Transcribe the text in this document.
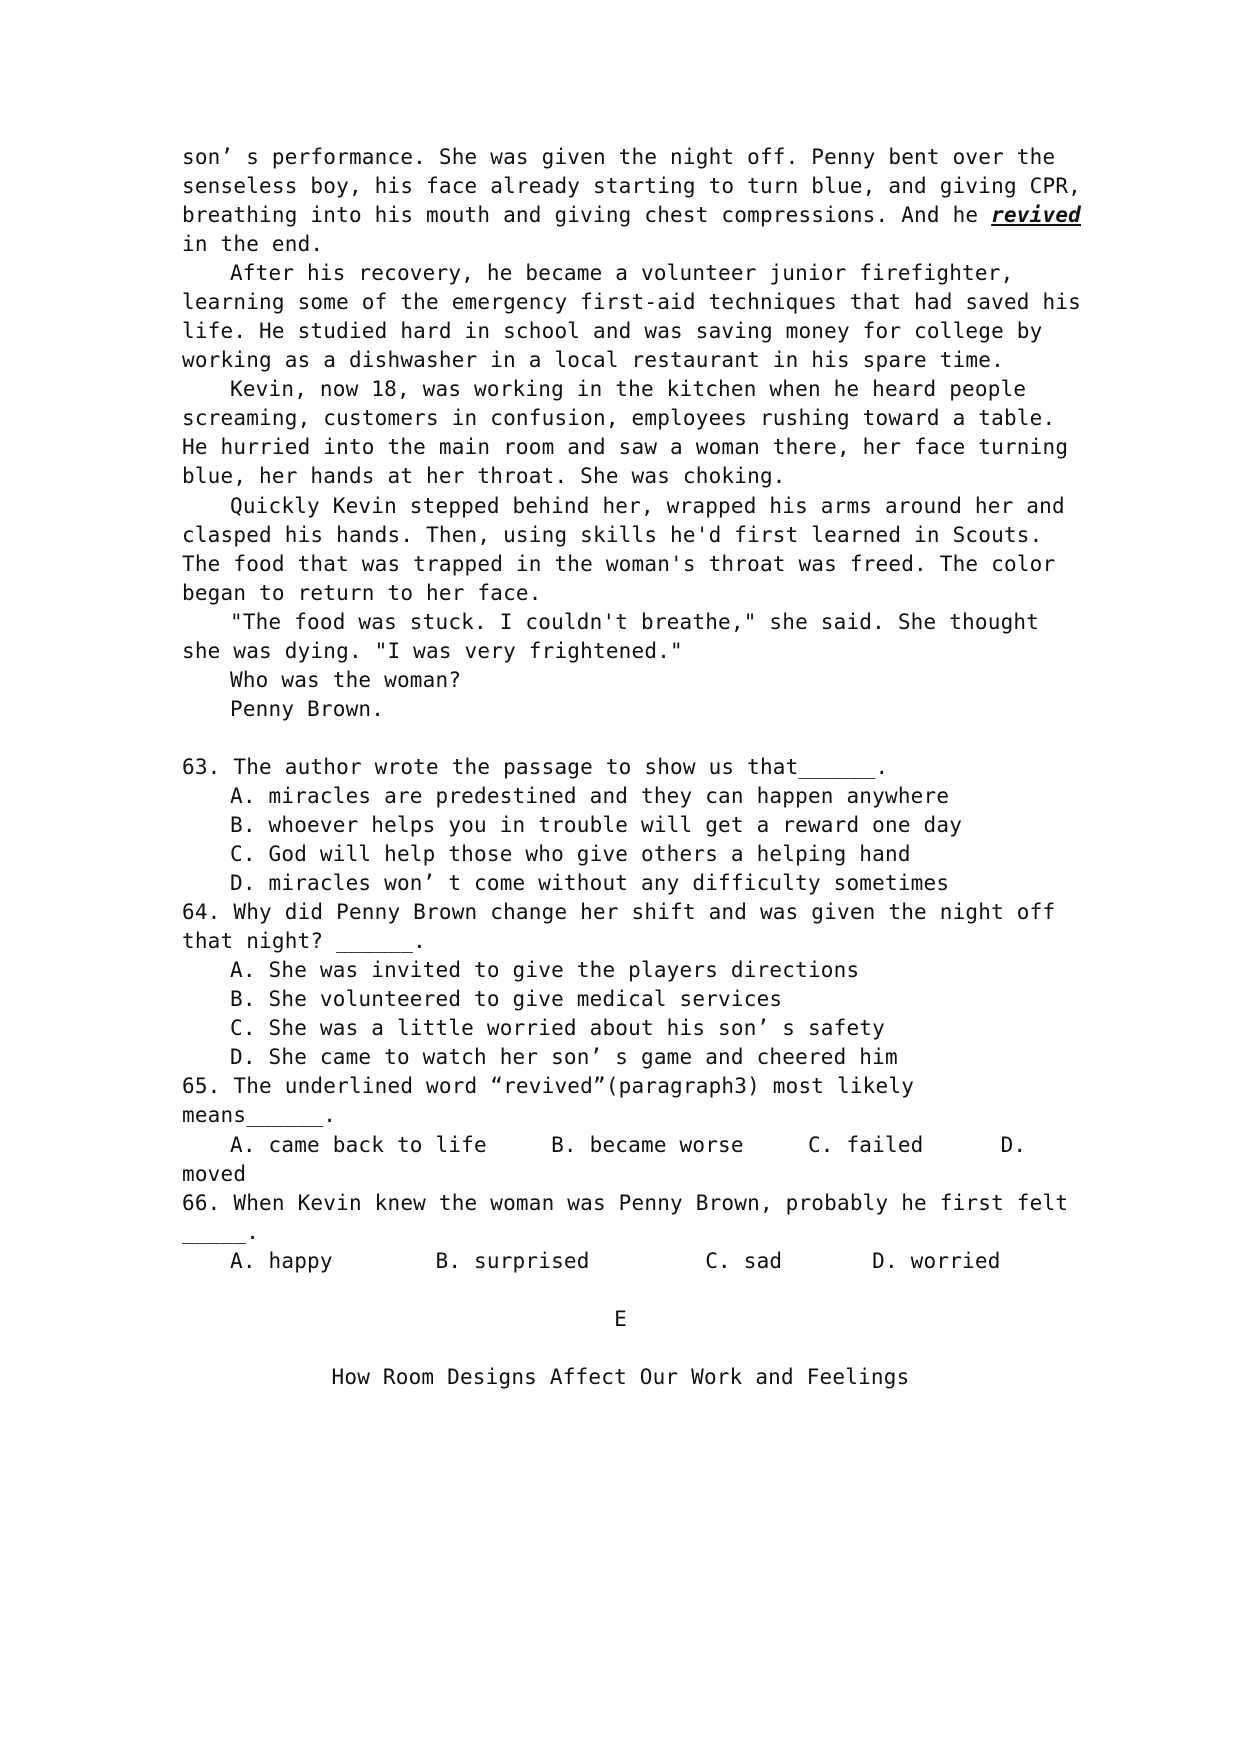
son’ s performance. She was given the night off. Penny bent over the
senseless boy, his face already starting to turn blue, and giving CPR,
breathing into his mouth and giving chest compressions. And he revived
in the end.
After his recovery, he became a volunteer junior firefighter,
learning some of the emergency first-aid techniques that had saved his
life. He studied hard in school and was saving money for college by
working as a dishwasher in a local restaurant in his spare time.
Kevin, now 18, was working in the kitchen when he heard people
screaming, customers in confusion, employees rushing toward a table.
He hurried into the main room and saw a woman there, her face turning
blue, her hands at her throat. She was choking.
Quickly Kevin stepped behind her, wrapped his arms around her and
clasped his hands. Then, using skills he'd first learned in Scouts.
The food that was trapped in the woman's throat was freed. The color
began to return to her face.
"The food was stuck. I couldn't breathe," she said. She thought
she was dying. "I was very frightened."
Who was the woman?
Penny Brown.
63. The author wrote the passage to show us that______.
A. miracles are predestined and they can happen anywhere
B. whoever helps you in trouble will get a reward one day
C. God will help those who give others a helping hand
D. miracles won’ t come without any difficulty sometimes
64. Why did Penny Brown change her shift and was given the night off
that night? ______.
A. She was invited to give the players directions
B. She volunteered to give medical services
C. She was a little worried about his son’ s safety
D. She came to watch her son’ s game and cheered him
65. The underlined word “revived”(paragraph3) most likely
means______.
A. came back to life     B. became worse     C. failed      D.
moved
66. When Kevin knew the woman was Penny Brown, probably he first felt
_____.
A. happy        B. surprised         C. sad       D. worried
E
How Room Designs Affect Our Work and Feelings
